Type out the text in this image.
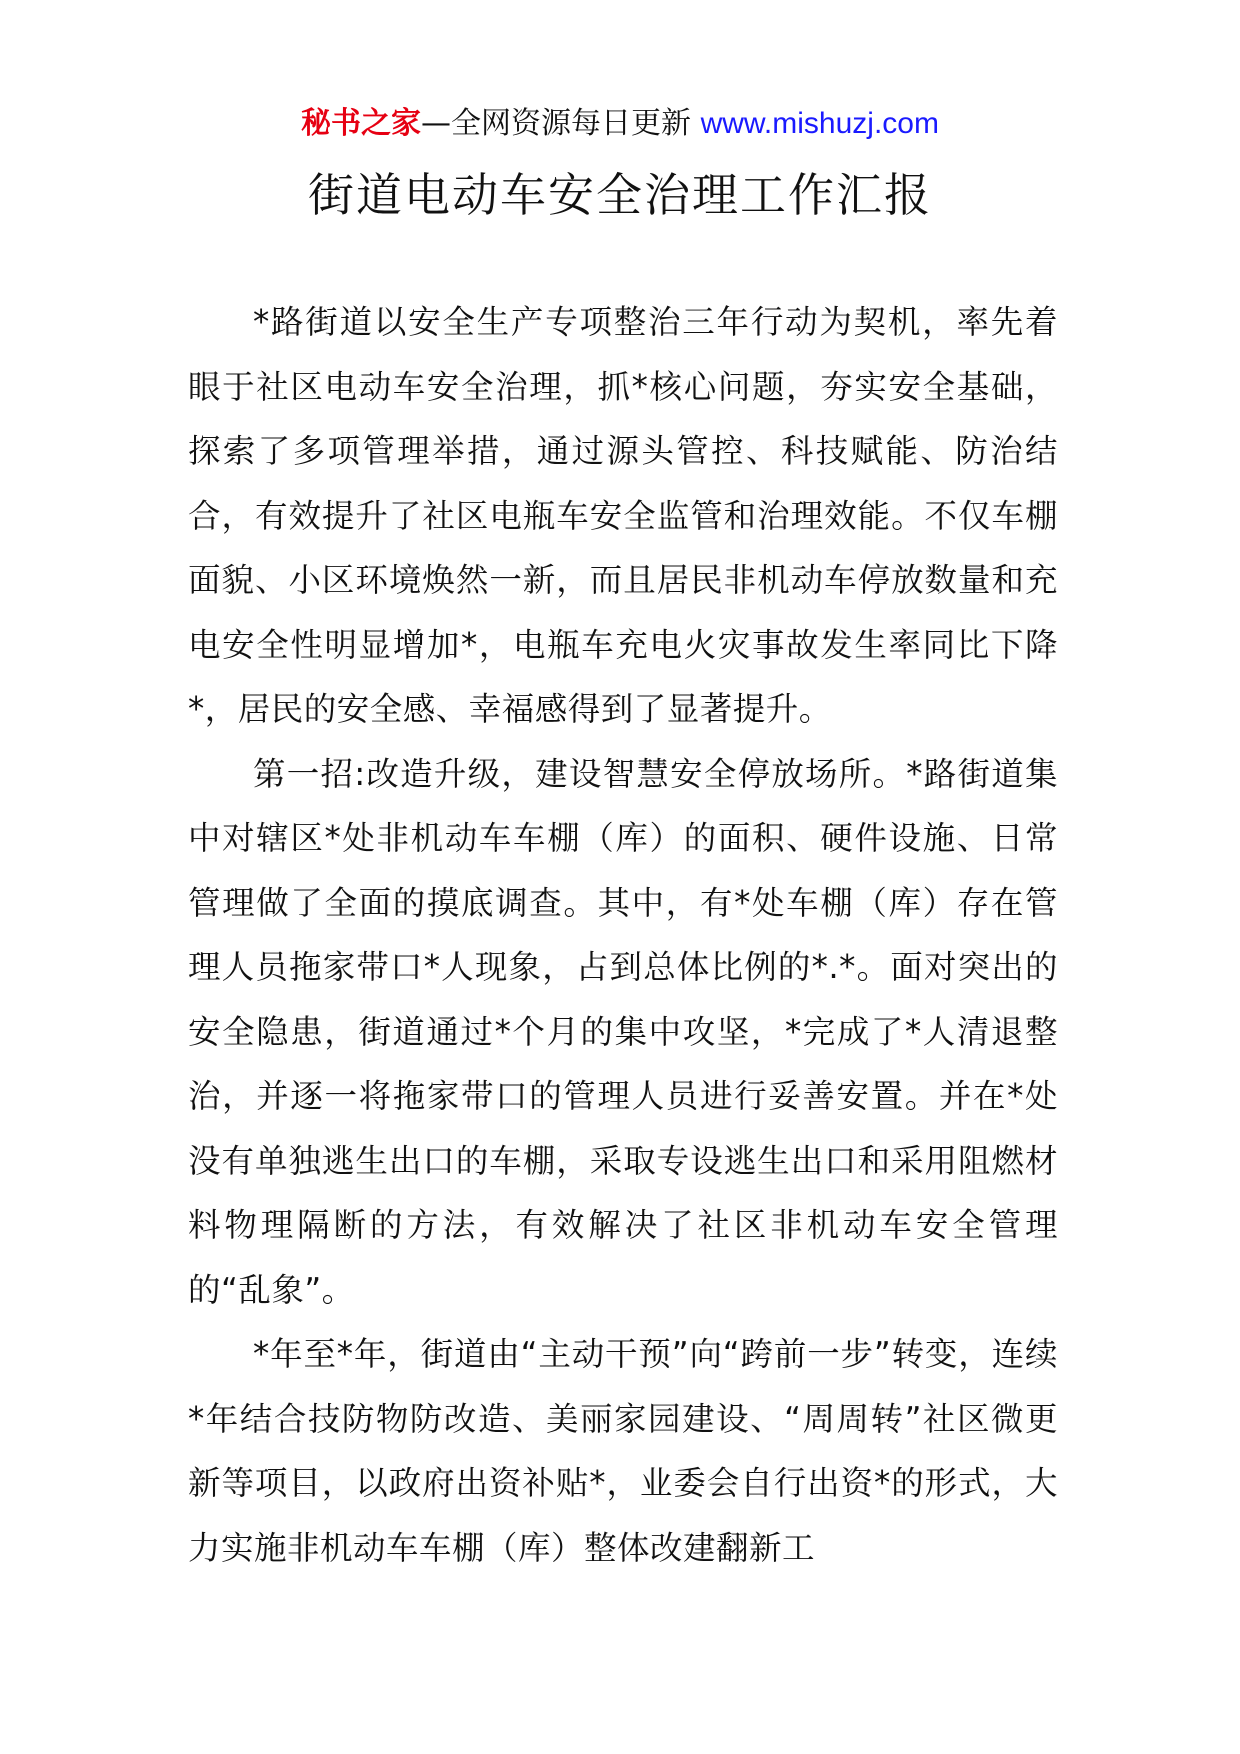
秘书之家—全网资源每日更新 www.mishuzj.com
街道电动车安全治理工作汇报

*路街道以安全生产专项整治三年行动为契机，率先着眼于社区电动车安全治理，抓*核心问题，夯实安全基础，探索了多项管理举措，通过源头管控、科技赋能、防治结合，有效提升了社区电瓶车安全监管和治理效能。不仅车棚面貌、小区环境焕然一新，而且居民非机动车停放数量和充电安全性明显增加*，电瓶车充电火灾事故发生率同比下降*，居民的安全感、幸福感得到了显著提升。

第一招:改造升级，建设智慧安全停放场所。*路街道集中对辖区*处非机动车车棚（库）的面积、硬件设施、日常管理做了全面的摸底调查。其中，有*处车棚（库）存在管理人员拖家带口*人现象，占到总体比例的*.*。面对突出的安全隐患，街道通过*个月的集中攻坚，*完成了*人清退整治，并逐一将拖家带口的管理人员进行妥善安置。并在*处没有单独逃生出口的车棚，采取专设逃生出口和采用阻燃材料物理隔断的方法，有效解决了社区非机动车安全管理的“乱象”。

*年至*年，街道由“主动干预”向“跨前一步”转变，连续*年结合技防物防改造、美丽家园建设、“周周转”社区微更新等项目，以政府出资补贴*，业委会自行出资*的形式，大力实施非机动车车棚（库）整体改建翻新工
